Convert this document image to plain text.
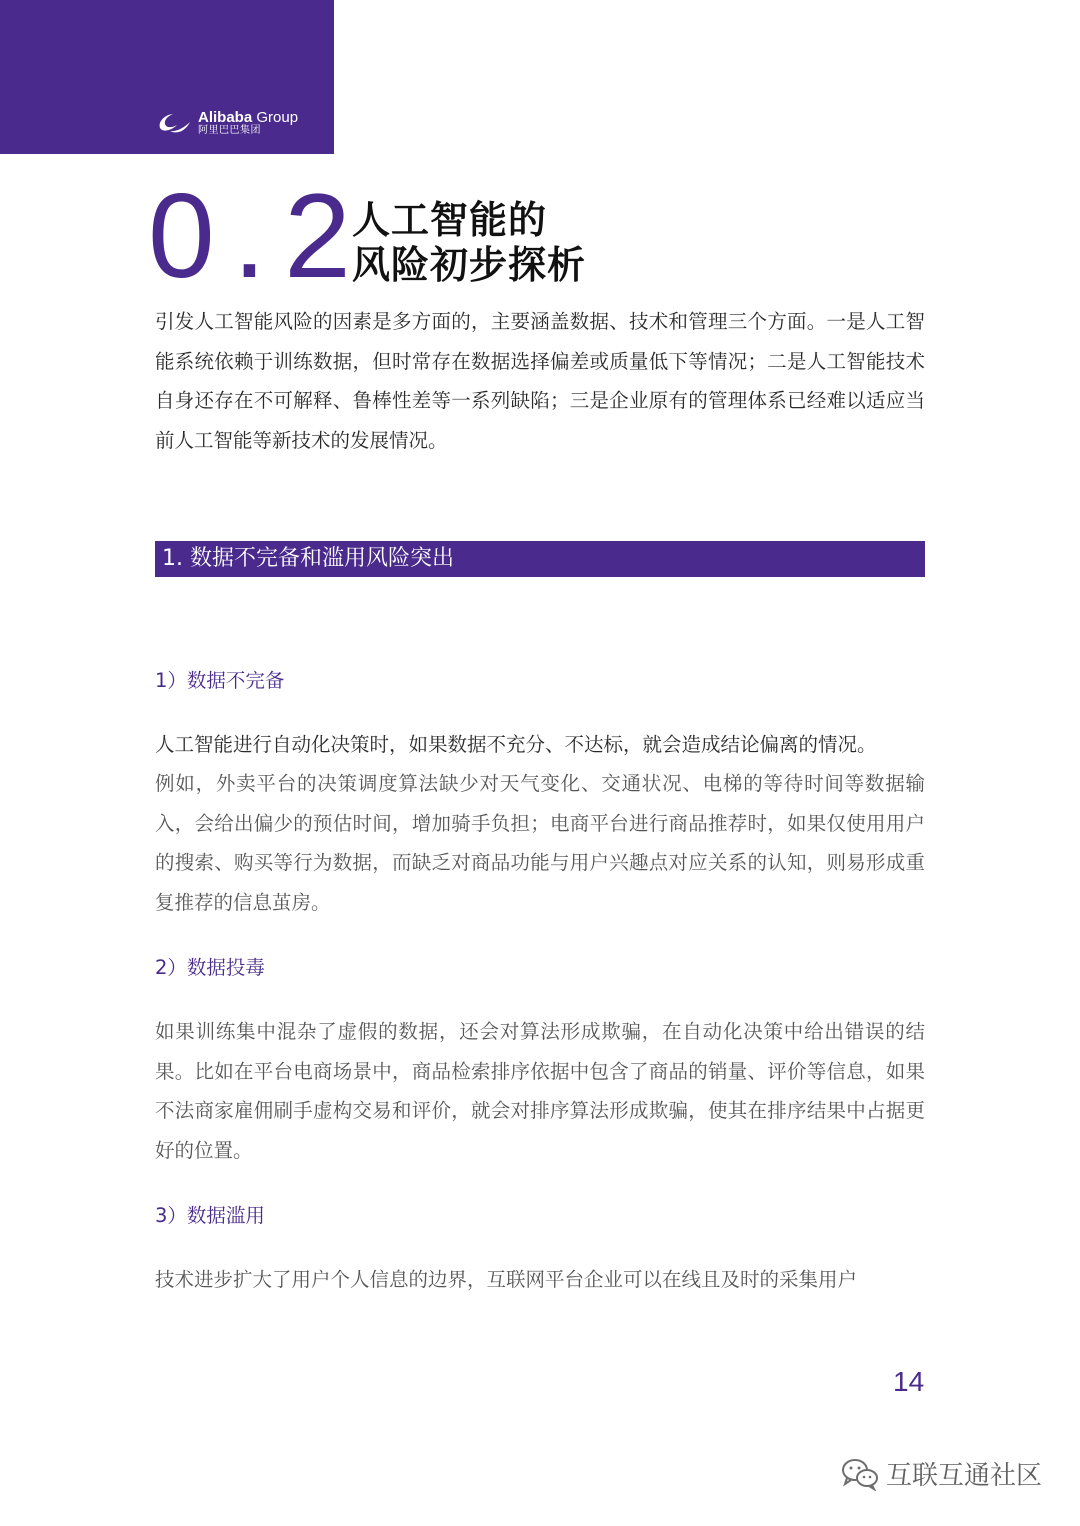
Alibaba Group
阿里巴巴集团
0.2
人工智能的
风险初步探析

引发人工智能风险的因素是多方面的，主要涵盖数据、技术和管理三个方面。一是人工智能系统依赖于训练数据，但时常存在数据选择偏差或质量低下等情况；二是人工智能技术自身还存在不可解释、鲁棒性差等一系列缺陷；三是企业原有的管理体系已经难以适应当前人工智能等新技术的发展情况。

1. 数据不完备和滥用风险突出
1）数据不完备

人工智能进行自动化决策时，如果数据不充分、不达标，就会造成结论偏离的情况。

例如，外卖平台的决策调度算法缺少对天气变化、交通状况、电梯的等待时间等数据输入，会给出偏少的预估时间，增加骑手负担；电商平台进行商品推荐时，如果仅使用用户的搜索、购买等行为数据，而缺乏对商品功能与用户兴趣点对应关系的认知，则易形成重复推荐的信息茧房。

2）数据投毒

如果训练集中混杂了虚假的数据，还会对算法形成欺骗，在自动化决策中给出错误的结果。比如在平台电商场景中，商品检索排序依据中包含了商品的销量、评价等信息，如果不法商家雇佣刷手虚构交易和评价，就会对排序算法形成欺骗，使其在排序结果中占据更好的位置。

3）数据滥用

技术进步扩大了用户个人信息的边界，互联网平台企业可以在线且及时的采集用户

14
互联互通社区
